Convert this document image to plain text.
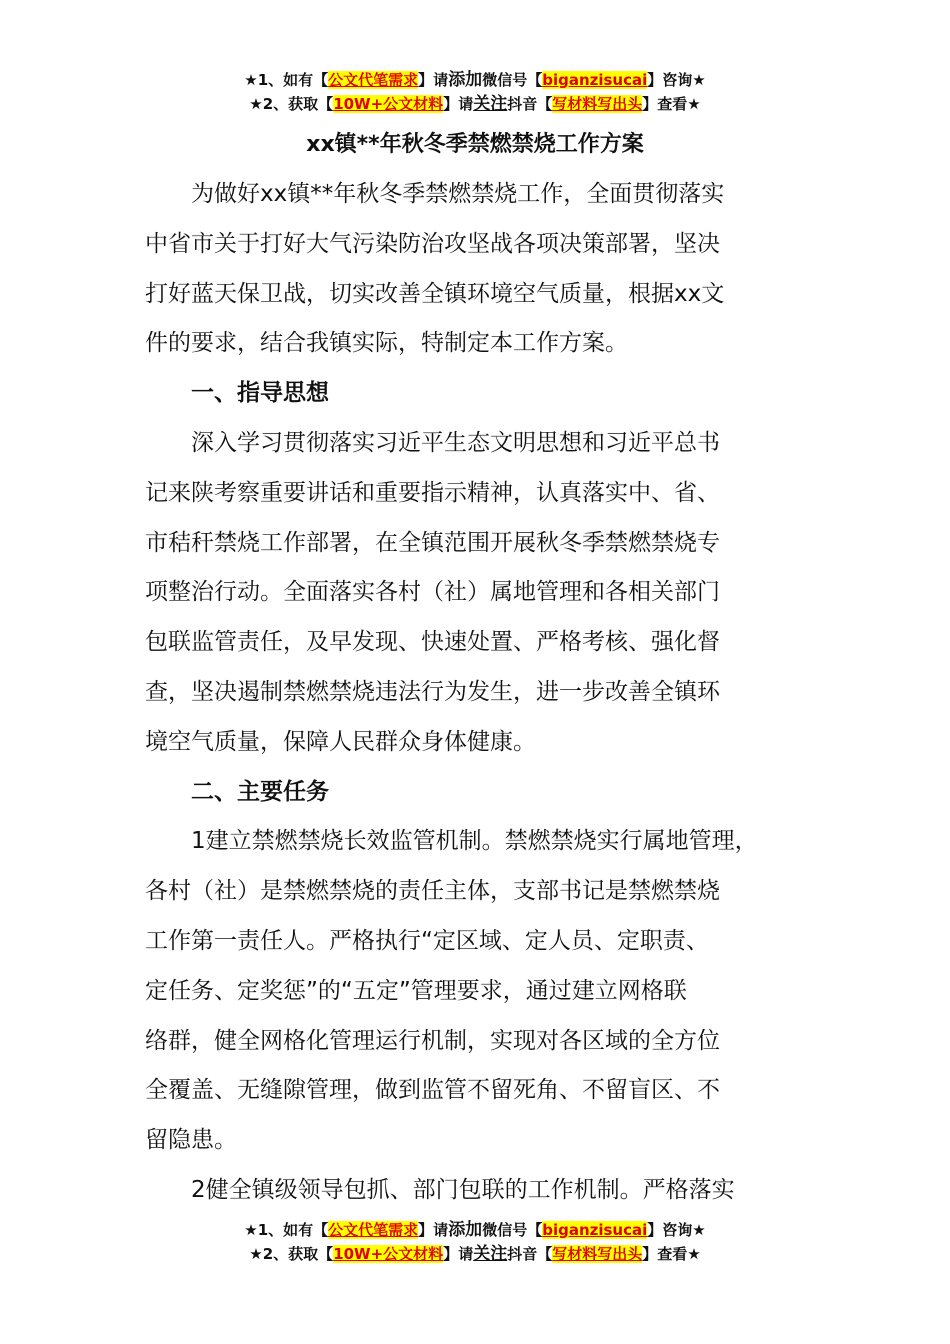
★1、如有【公文代笔需求】请添加微信号【biganzisucai】咨询★
★2、获取【10W+公文材料】请关注抖音【写材料写出头】查看★
xx镇**年秋冬季禁燃禁烧工作方案

为做好xx镇**年秋冬季禁燃禁烧工作，全面贯彻落实

中省市关于打好大气污染防治攻坚战各项决策部署，坚决

打好蓝天保卫战，切实改善全镇环境空气质量，根据xx文

件的要求，结合我镇实际，特制定本工作方案。

一、指导思想

深入学习贯彻落实习近平生态文明思想和习近平总书

记来陕考察重要讲话和重要指示精神，认真落实中、省、

市秸秆禁烧工作部署，在全镇范围开展秋冬季禁燃禁烧专

项整治行动。全面落实各村（社）属地管理和各相关部门

包联监管责任，及早发现、快速处置、严格考核、强化督

查，坚决遏制禁燃禁烧违法行为发生，进一步改善全镇环

境空气质量，保障人民群众身体健康。

二、主要任务

1建立禁燃禁烧长效监管机制。禁燃禁烧实行属地管理，

各村（社）是禁燃禁烧的责任主体，支部书记是禁燃禁烧

工作第一责任人。严格执行“定区域、定人员、定职责、

定任务、定奖惩”的“五定”管理要求，通过建立网格联

络群，健全网格化管理运行机制，实现对各区域的全方位

全覆盖、无缝隙管理，做到监管不留死角、不留盲区、不

留隐患。

2健全镇级领导包抓、部门包联的工作机制。严格落实

★1、如有【公文代笔需求】请添加微信号【biganzisucai】咨询★
★2、获取【10W+公文材料】请关注抖音【写材料写出头】查看★
